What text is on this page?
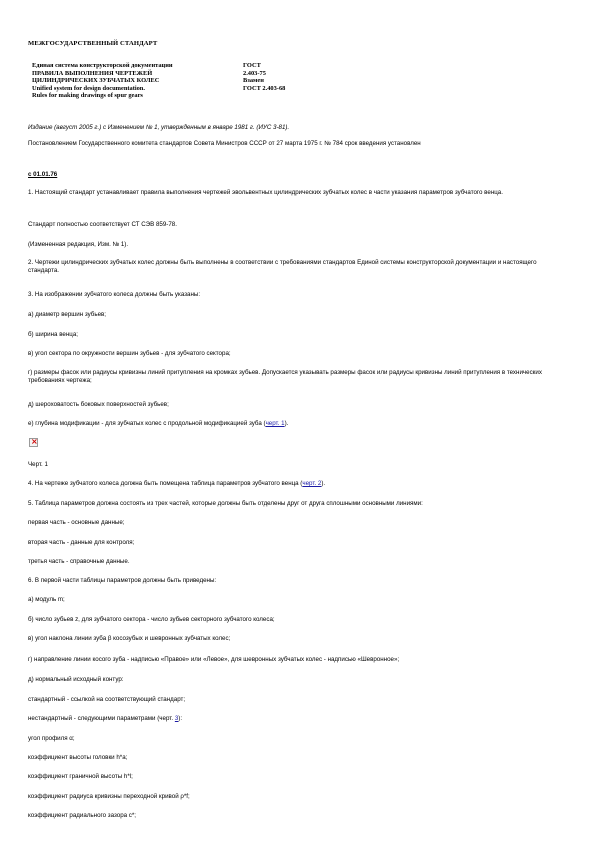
МЕЖГОСУДАРСТВЕННЫЙ СТАНДАРТ
Единая система конструкторской документации
ПРАВИЛА ВЫПОЛНЕНИЯ ЧЕРТЕЖЕЙ
ЦИЛИНДРИЧЕСКИХ ЗУБЧАТЫХ КОЛЕС
Unified system for design documentation.
Rules for making drawings of spur gears
ГОСТ
2.403-75
Взамен
ГОСТ 2.403-68
Издание (август 2005 г.) с Изменением № 1, утвержденным в январе 1981 г. (ИУС 3-81).
Постановлением Государственного комитета стандартов Совета Министров СССР от 27 марта 1975 г. № 784 срок введения установлен
с 01.01.76
1. Настоящий стандарт устанавливает правила выполнения чертежей эвольвентных цилиндрических зубчатых колес в части указания параметров зубчатого венца.
Стандарт полностью соответствует СТ СЭВ 859-78.
(Измененная редакция, Изм. № 1).
2. Чертежи цилиндрических зубчатых колес должны быть выполнены в соответствии с требованиями стандартов Единой системы конструкторской документации и настоящего стандарта.
3. На изображении зубчатого колеса должны быть указаны:
а) диаметр вершин зубьев;
б) ширина венца;
в) угол сектора по окружности вершин зубьев - для зубчатого сектора;
г) размеры фасок или радиусы кривизны линий притупления на кромках зубьев. Допускается указывать размеры фасок или радиусы кривизны линий притупления в технических требованиях чертежа;
д) шероховатость боковых поверхностей зубьев;
е) глубина модификации - для зубчатых колес с продольной модификацией зуба (черт. 1).
×
Черт. 1
4. На чертеже зубчатого колеса должна быть помещена таблица параметров зубчатого венца (черт. 2).
5. Таблица параметров должна состоять из трех частей, которые должны быть отделены друг от друга сплошными основными линиями:
первая часть - основные данные;
вторая часть - данные для контроля;
третья часть - справочные данные.
6. В первой части таблицы параметров должны быть приведены:
а) модуль m;
б) число зубьев z, для зубчатого сектора - число зубьев секторного зубчатого колеса;
в) угол наклона линии зуба β косозубых и шевронных зубчатых колес;
г) направление линии косого зуба - надписью «Правое» или «Левое», для шевронных зубчатых колес - надписью «Шевронное»;
д) нормальный исходный контур:
стандартный - ссылкой на соответствующий стандарт;
нестандартный - следующими параметрами (черт. 3):
угол профиля α;
коэффициент высоты головки h*a;
коэффициент граничной высоты h*l;
коэффициент радиуса кривизны переходной кривой ρ*f;
коэффициент радиального зазора c*;
